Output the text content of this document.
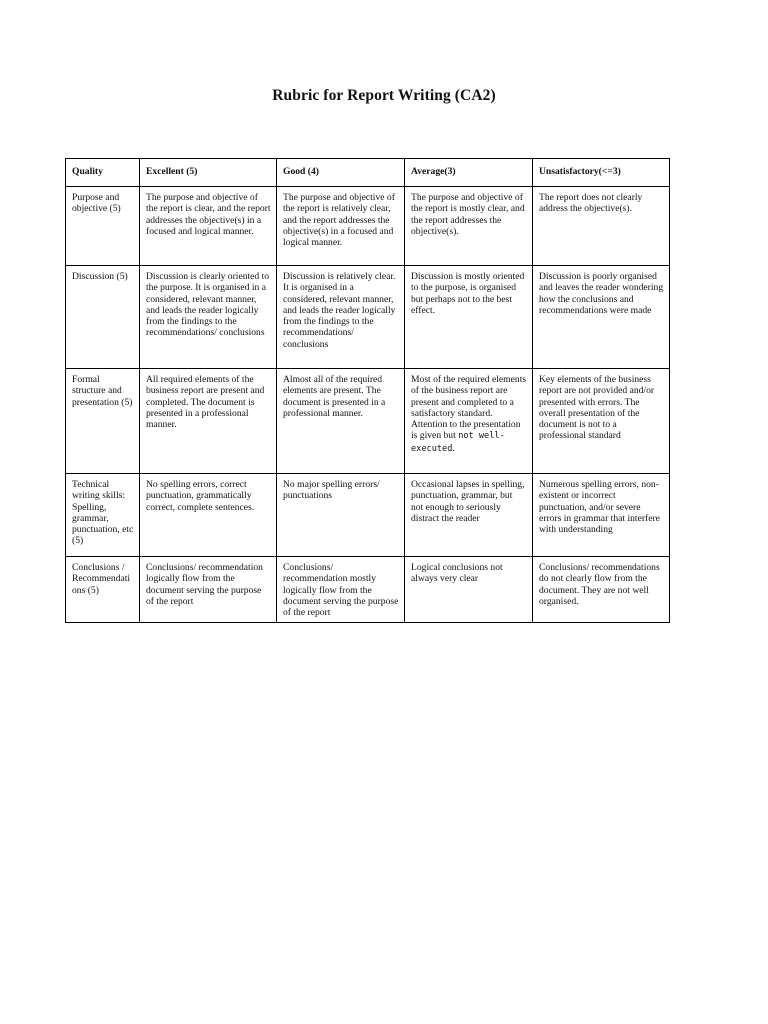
Rubric for Report Writing (CA2)
Quality	Excellent (5)	Good (4)	Average(3)	Unsatisfactory(<=3)
Purpose and objective (5)	The purpose and objective of the report is clear, and the report addresses the objective(s) in a focused and logical manner.	The purpose and objective of the report is relatively clear, and the report addresses the objective(s) in a focused and logical manner.	The purpose and objective of the report is mostly clear, and the report addresses the objective(s).	The report does not clearly address the objective(s).
Discussion (5)	Discussion is clearly oriented to the purpose. It is organised in a considered, relevant manner, and leads the reader logically from the findings to the recommendations/ conclusions	Discussion is relatively clear. It is organised in a considered, relevant manner, and leads the reader logically from the findings to the recommendations/ conclusions	Discussion is mostly oriented to the purpose, is organised but perhaps not to the best effect.	Discussion is poorly organised and leaves the reader wondering how the conclusions and recommendations were made
Formal structure and presentation (5)	All required elements of the business report are present and completed. The document is presented in a professional manner.	Almost all of the required elements are present. The document is presented in a professional manner.	Most of the required elements of the business report are present and completed to a satisfactory standard. Attention to the presentation is given but not well-executed.	Key elements of the business report are not provided and/or presented with errors. The overall presentation of the document is not to a professional standard
Technical writing skills: Spelling, grammar, punctuation, etc (5)	No spelling errors, correct punctuation, grammatically correct, complete sentences.	No major spelling errors/ punctuations	Occasional lapses in spelling, punctuation, grammar, but not enough to seriously distract the reader	Numerous spelling errors, non-existent or incorrect punctuation, and/or severe errors in grammar that interfere with understanding
Conclusions / Recommendations (5)	Conclusions/ recommendation logically flow from the document serving the purpose of the report	Conclusions/ recommendation mostly logically flow from the document serving the purpose of the report	Logical conclusions not always very clear	Conclusions/ recommendations do not clearly flow from the document. They are not well organised.
